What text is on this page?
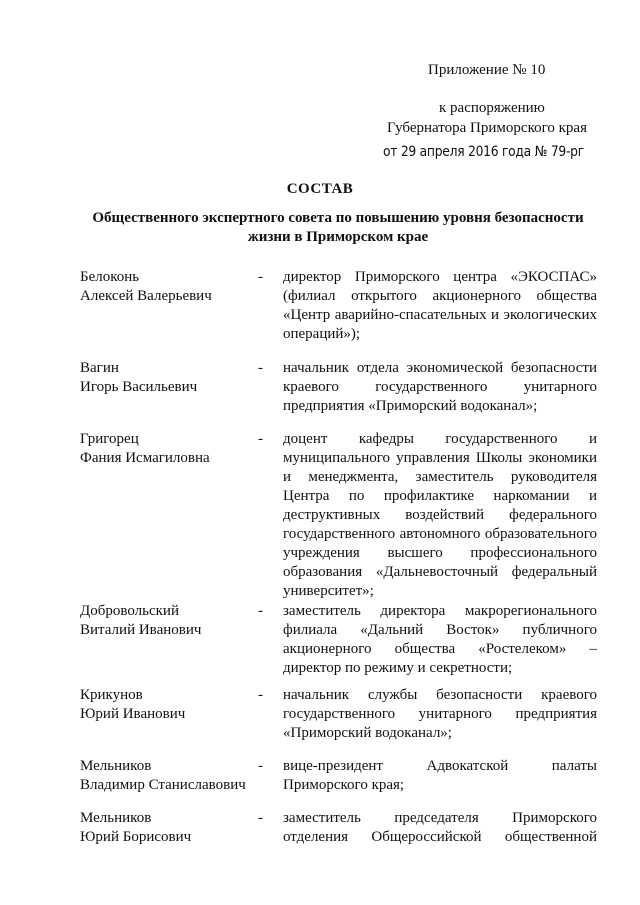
Приложение № 10
к распоряжению
Губернатора Приморского края
от 29 апреля 2016 года № 79-рг
СОСТАВ
Общественного экспертного совета по повышению уровня безопасности жизни в Приморском крае
Белоконь
Алексей Валерьевич
- директор Приморского центра «ЭКОСПАС» (филиал открытого акционерного общества «Центр аварийно-спасательных и экологических операций»);
Вагин
Игорь Васильевич
- начальник отдела экономической безопасности краевого государственного унитарного предприятия «Приморский водоканал»;
Григорец
Фания Исмагиловна
- доцент кафедры государственного и муниципального управления Школы экономики и менеджмента, заместитель руководителя Центра по профилактике наркомании и деструктивных воздействий федерального государственного автономного образовательного учреждения высшего профессионального образования «Дальневосточный федеральный университет»;
Добровольский
Виталий Иванович
- заместитель директора макрорегионального филиала «Дальний Восток» публичного акционерного общества «Ростелеком» – директор по режиму и секретности;
Крикунов
Юрий Иванович
- начальник службы безопасности краевого государственного унитарного предприятия «Приморский водоканал»;
Мельников
Владимир Станиславович
- вице-президент Адвокатской палаты Приморского края;
Мельников
Юрий Борисович
- заместитель председателя Приморского отделения Общероссийской общественной
